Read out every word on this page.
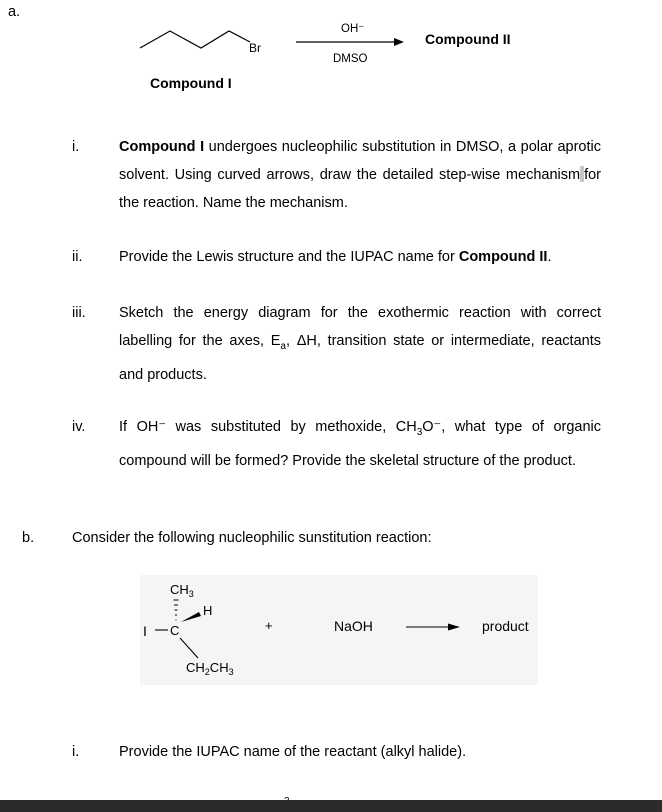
a.
Br
OH⁻
DMSO
Compound II
Compound I
i.	Compound I undergoes nucleophilic substitution in DMSO, a polar aprotic solvent. Using curved arrows, draw the detailed step-wise mechanism for the reaction. Name the mechanism.
ii.	Provide the Lewis structure and the IUPAC name for Compound II.
iii. Sketch the energy diagram for the exothermic reaction with correct labelling for the axes, $E_a$, ΔH, transition state or intermediate, reactants and products.
iv. If OH⁻ was substituted by methoxide, $CH_3O^-$, what type of organic compound will be formed? Provide the skeletal structure of the product.
b.	Consider the following nucleophilic sunstitution reaction:
I C
$CH_3$
H
$CH_2CH_3$
+	NaOH	product
i.	Provide the IUPAC name of the reactant (alkyl halide).
